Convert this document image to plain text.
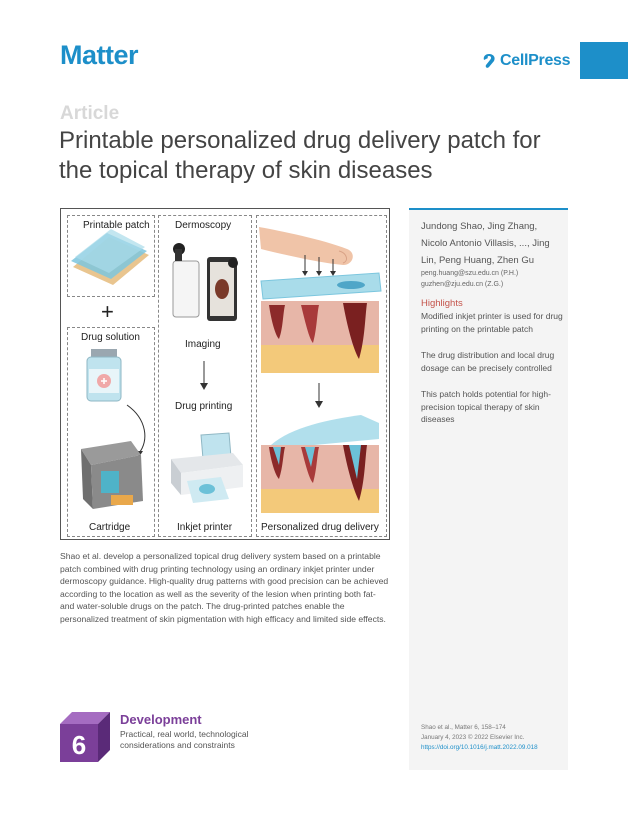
Matter	CellPress
Article
Printable personalized drug delivery patch for the topical therapy of skin diseases
Printable patch
+
Drug solution
Cartridge
Dermoscopy
Imaging
Drug printing
Inkjet printer	Personalized drug delivery
Shao et al. develop a personalized topical drug delivery system based on a printable patch combined with drug printing technology using an ordinary inkjet printer under dermoscopy guidance. High-quality drug patterns with good precision can be achieved according to the location as well as the severity of the lesion when printing both fat- and water-soluble drugs on the patch. The drug-printed patches enable the personalized treatment of skin pigmentation with high efficacy and limited side effects.
Jundong Shao, Jing Zhang, Nicolo Antonio Villasis, ..., Jing Lin, Peng Huang, Zhen Gu
peng.huang@szu.edu.cn (P.H.)
guzhen@zju.edu.cn (Z.G.)
Highlights
Modified inkjet printer is used for drug printing on the printable patch
The drug distribution and local drug dosage can be precisely controlled
This patch holds potential for high-precision topical therapy of skin diseases
Shao et al., Matter 6, 158–174
January 4, 2023 © 2022 Elsevier Inc.
https://doi.org/10.1016/j.matt.2022.09.018
6
Development
Practical, real world, technological considerations and constraints
